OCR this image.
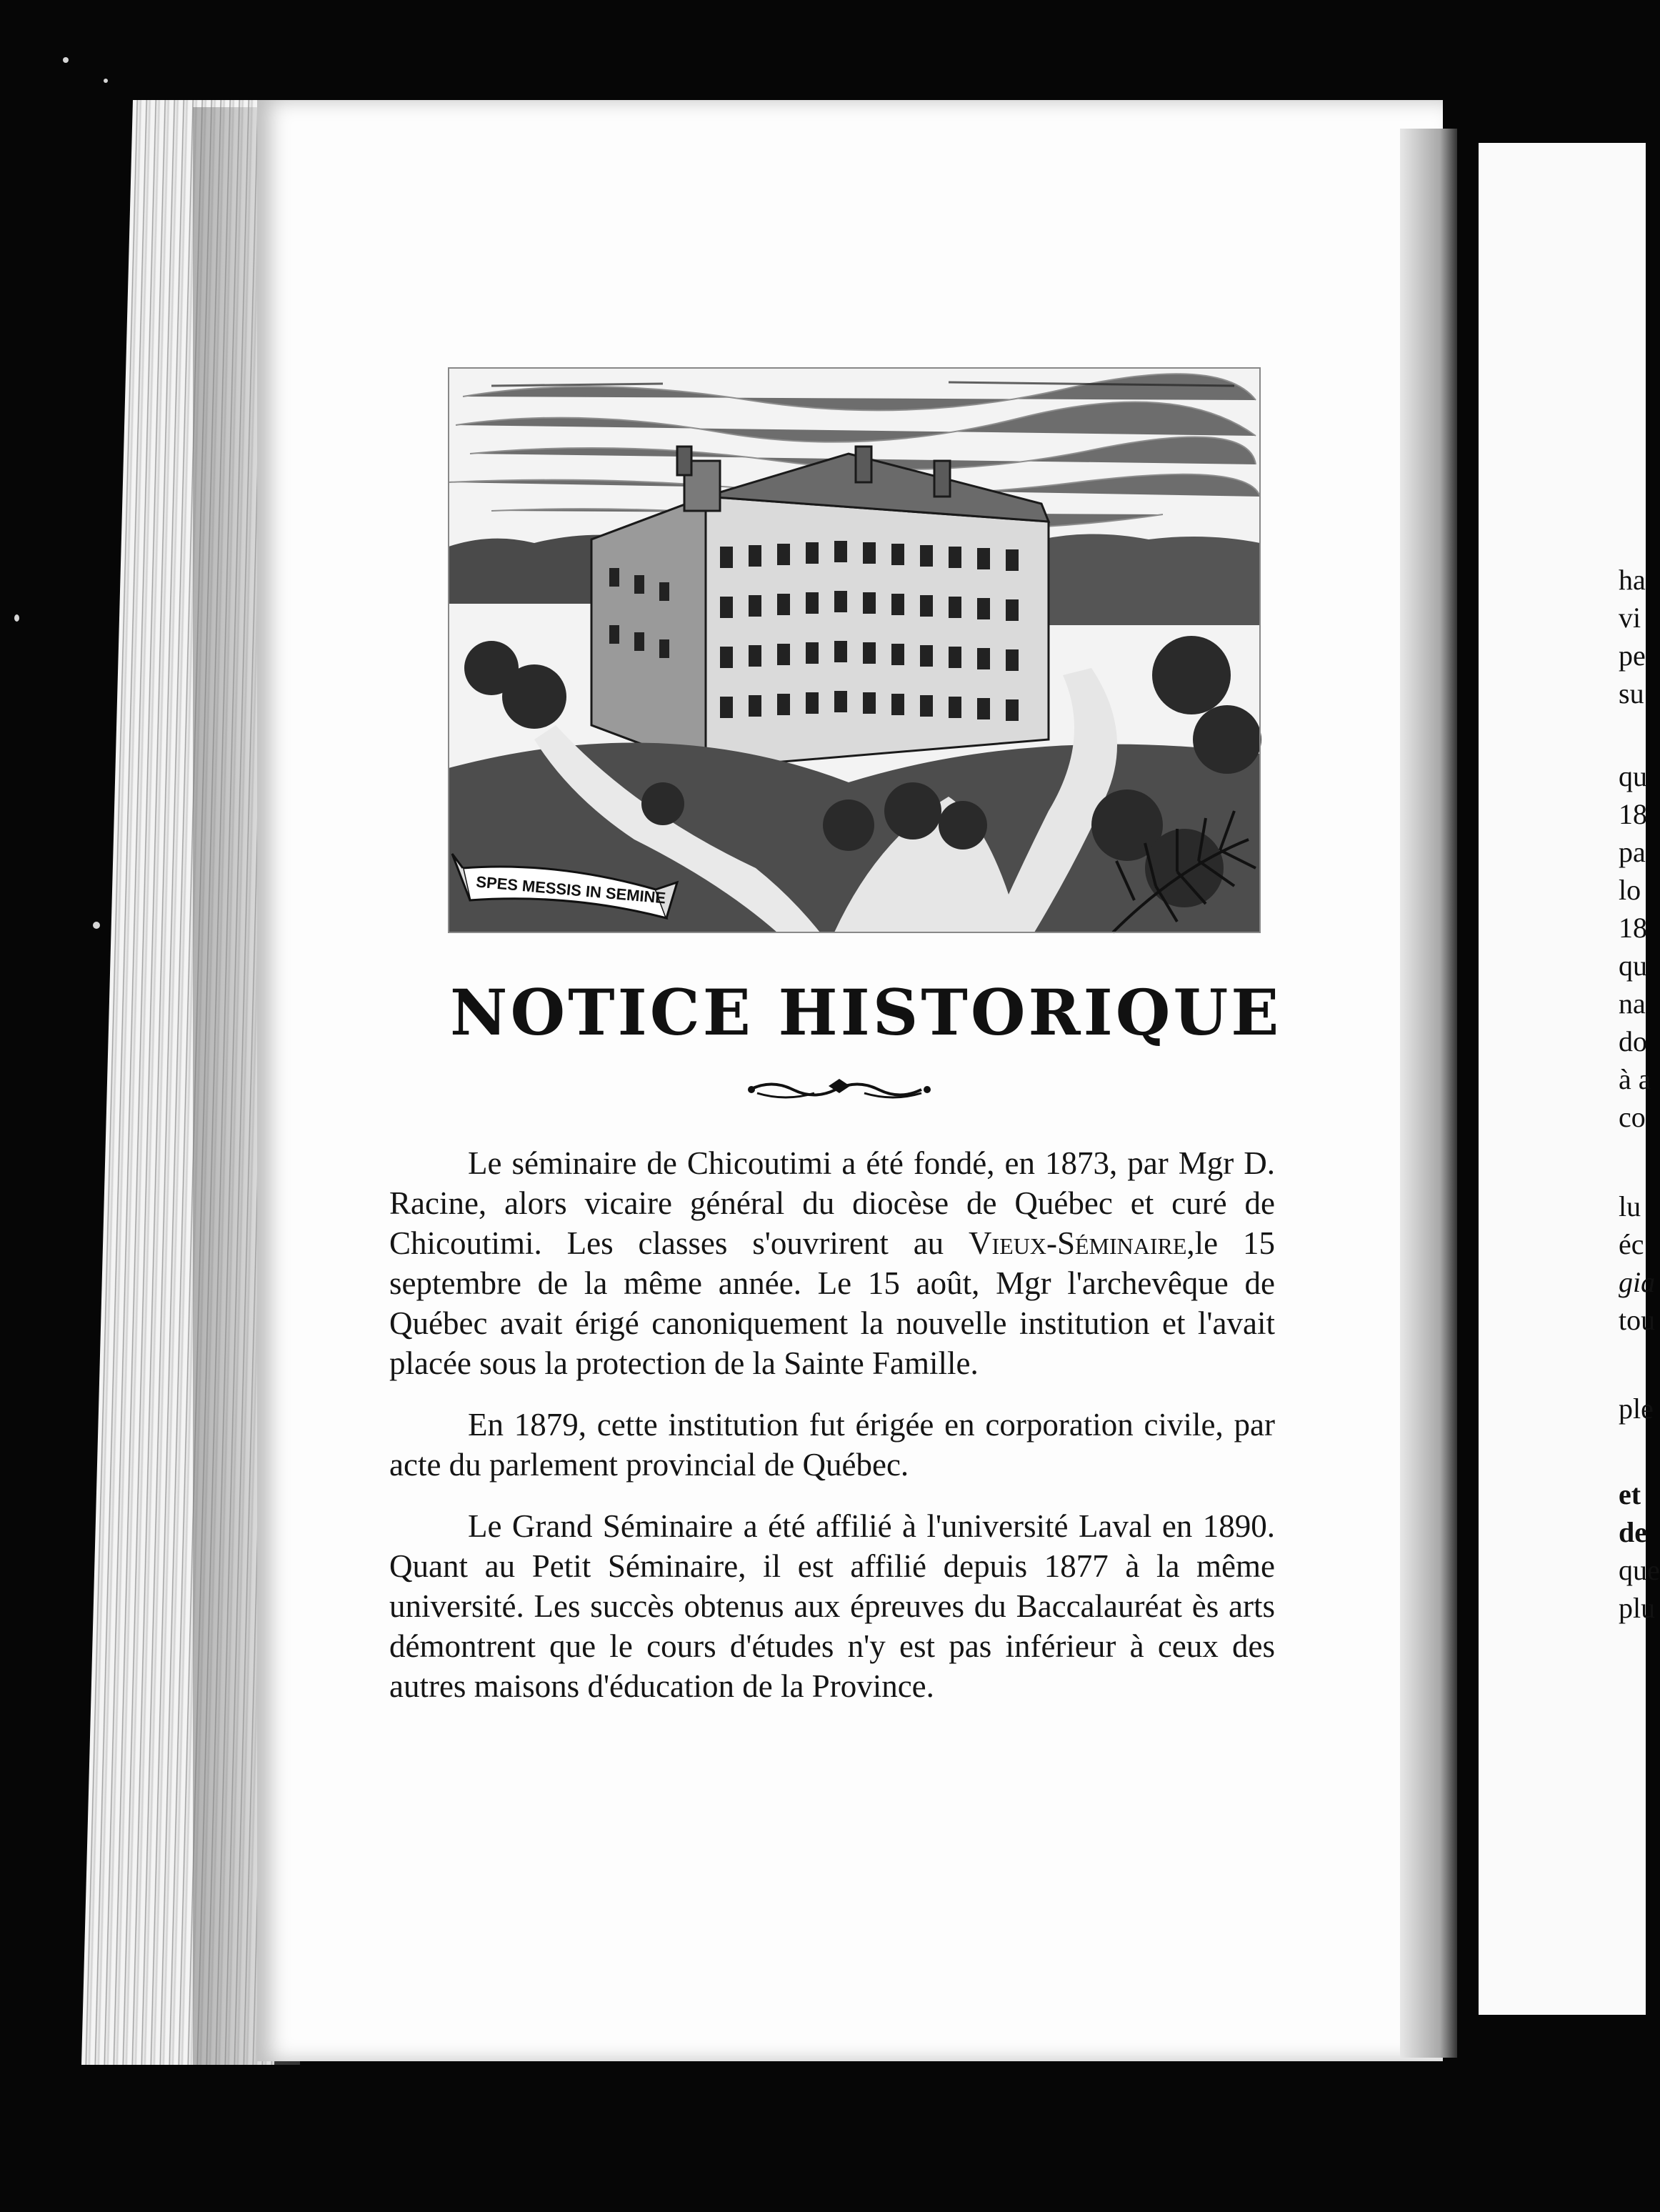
ha
vi
pe
su
qu
18
pa
lo
18
qu
na
do
à a
co
lu
éc
gia
tou
ple
et
de
que
plu
SPES MESSIS IN SEMINE
NOTICE HISTORIQUE

Le séminaire de Chicoutimi a été fondé, en 1873, par Mgr D. Racine, alors vicaire général du diocèse de Québec et curé de Chicoutimi. Les classes s'ouvrirent au Vieux-Séminaire,le 15 septembre de la même année. Le 15 août, Mgr l'archevêque de Québec avait érigé canoniquement la nouvelle institution et l'avait placée sous la protection de la Sainte Famille.

En 1879, cette institution fut érigée en corporation civile, par acte du parlement provincial de Québec.

Le Grand Séminaire a été affilié à l'université Laval en 1890. Quant au Petit Séminaire, il est affilié depuis 1877 à la même université. Les succès obtenus aux épreuves du Baccalauréat ès arts démontrent que le cours d'études n'y est pas inférieur à ceux des autres maisons d'éducation de la Province.
